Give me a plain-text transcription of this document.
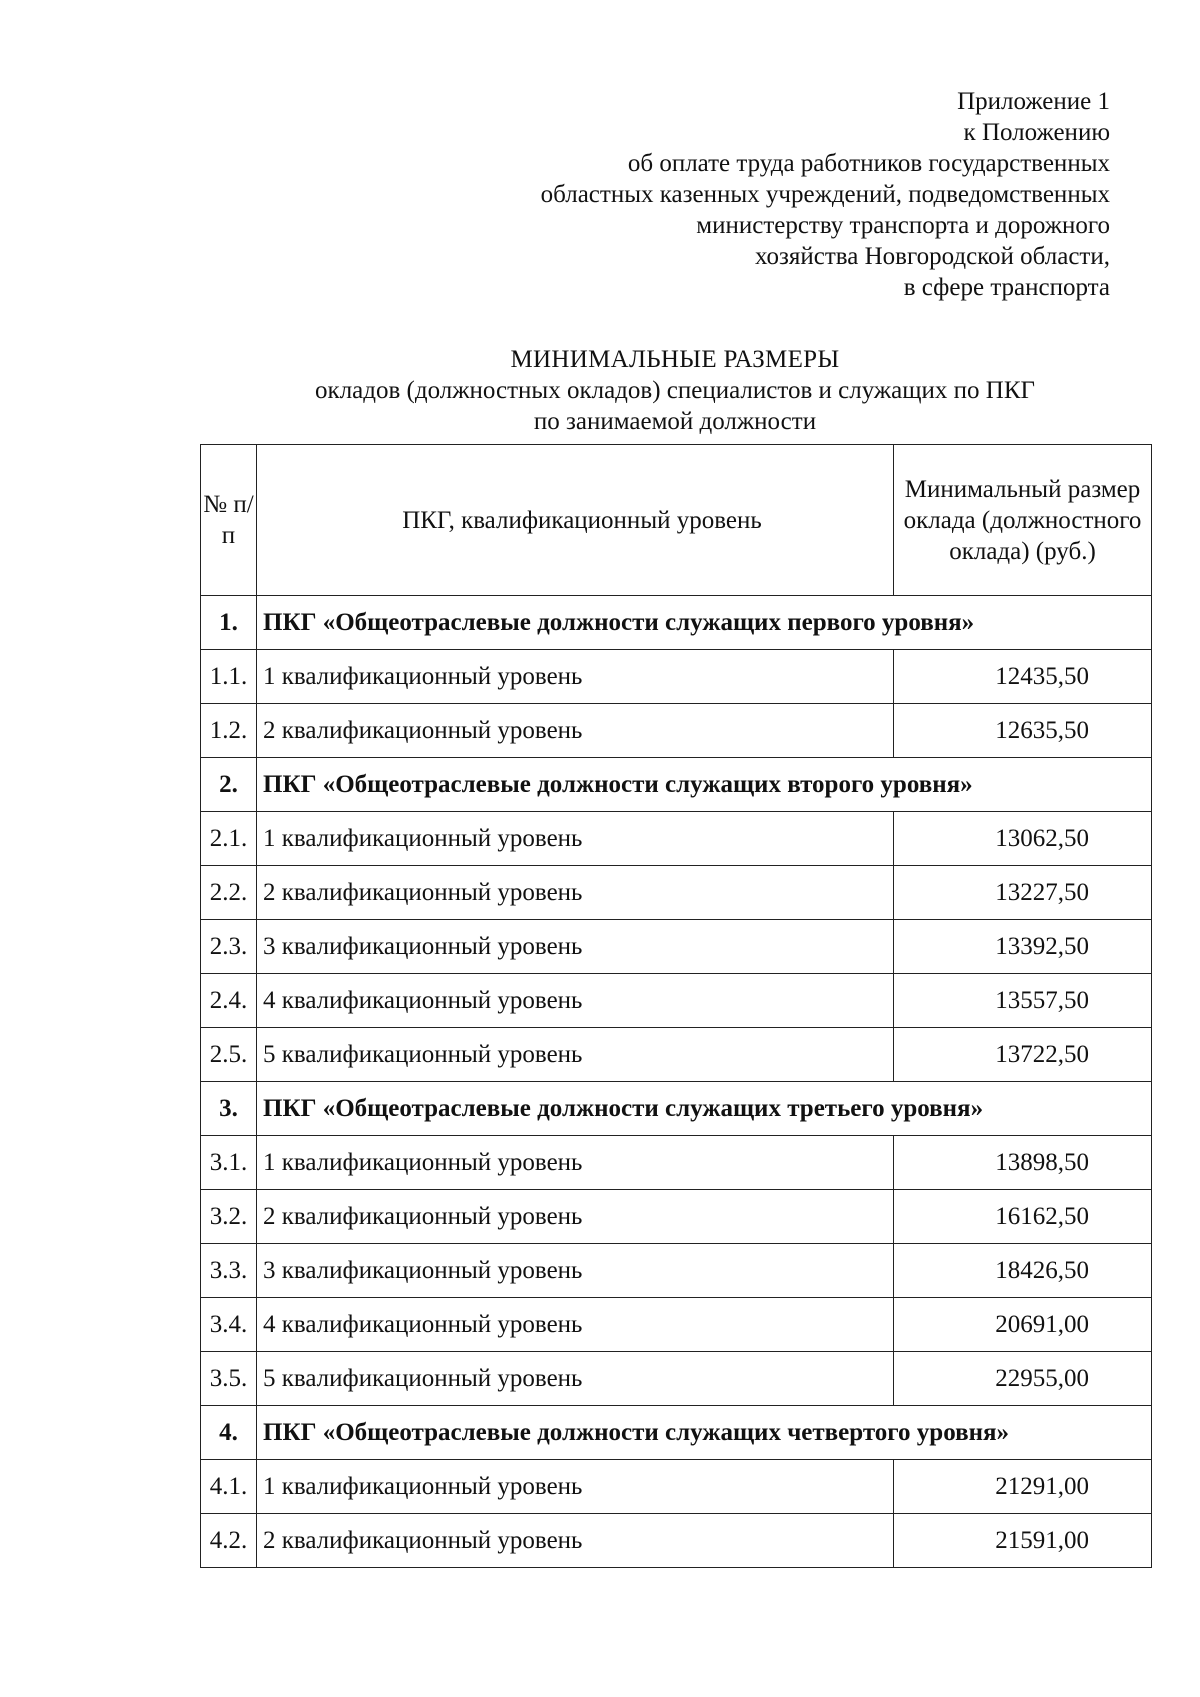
Приложение 1
к Положению
об оплате труда работников государственных
областных казенных учреждений, подведомственных
министерству транспорта и дорожного
хозяйства Новгородской области,
в сфере транспорта
МИНИМАЛЬНЫЕ РАЗМЕРЫ
окладов (должностных окладов) специалистов и служащих по ПКГ
по занимаемой должности
№ п/п	ПКГ, квалификационный уровень	Минимальный размер оклада (должностного оклада) (руб.)
1.	ПКГ «Общеотраслевые должности служащих первого уровня»	
1.1.	1 квалификационный уровень	12435,50
1.2.	2 квалификационный уровень	12635,50
2.	ПКГ «Общеотраслевые должности служащих второго уровня»	
2.1.	1 квалификационный уровень	13062,50
2.2.	2 квалификационный уровень	13227,50
2.3.	3 квалификационный уровень	13392,50
2.4.	4 квалификационный уровень	13557,50
2.5.	5 квалификационный уровень	13722,50
3.	ПКГ «Общеотраслевые должности служащих третьего уровня»	
3.1.	1 квалификационный уровень	13898,50
3.2.	2 квалификационный уровень	16162,50
3.3.	3 квалификационный уровень	18426,50
3.4.	4 квалификационный уровень	20691,00
3.5.	5 квалификационный уровень	22955,00
4.	ПКГ «Общеотраслевые должности служащих четвертого уровня»	
4.1.	1 квалификационный уровень	21291,00
4.2.	2 квалификационный уровень	21591,00
